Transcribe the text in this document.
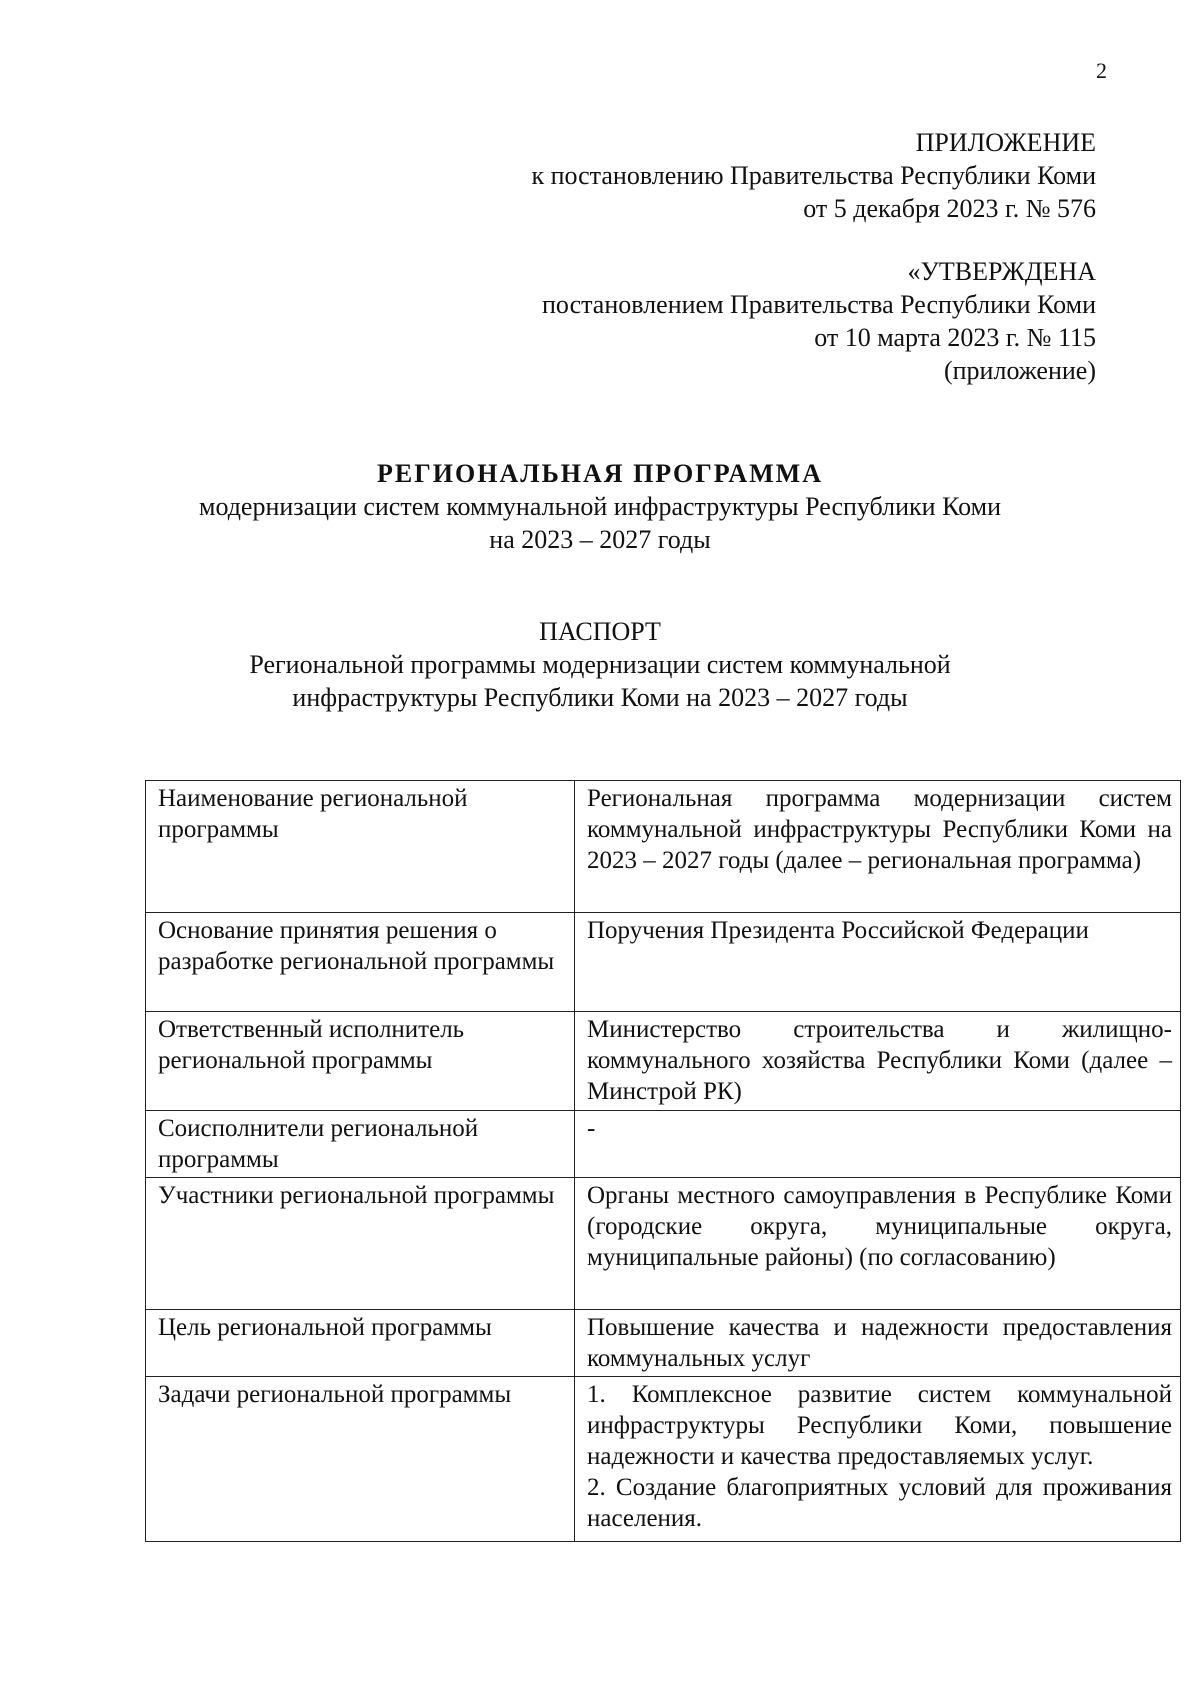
2
ПРИЛОЖЕНИЕ
к постановлению Правительства Республики Коми
от 5 декабря 2023 г. № 576
«УТВЕРЖДЕНА
постановлением Правительства Республики Коми
от 10 марта 2023 г. № 115
(приложение)
РЕГИОНАЛЬНАЯ ПРОГРАММА
модернизации систем коммунальной инфраструктуры Республики Коми
на 2023 – 2027 годы
ПАСПОРТ
Региональной программы модернизации систем коммунальной
инфраструктуры Республики Коми на 2023 – 2027 годы
Наименование региональной программы	Региональная программа модернизации систем коммунальной инфраструктуры Республики Коми на 2023 – 2027 годы (далее – региональная программа)
Основание принятия решения о разработке региональной программы	Поручения Президента Российской Федерации
Ответственный исполнитель региональной программы	Министерство строительства и жилищно-коммунального хозяйства Республики Коми (далее – Минстрой РК)
Соисполнители региональной программы	-
Участники региональной программы	Органы местного самоуправления в Республике Коми (городские округа, муниципальные округа, муниципальные районы) (по согласованию)
Цель региональной программы	Повышение качества и надежности предоставления коммунальных услуг
Задачи региональной программы	1. Комплексное развитие систем коммунальной инфраструктуры Республики Коми, повышение надежности и качества предоставляемых услуг.
2. Создание благоприятных условий для проживания населения.
